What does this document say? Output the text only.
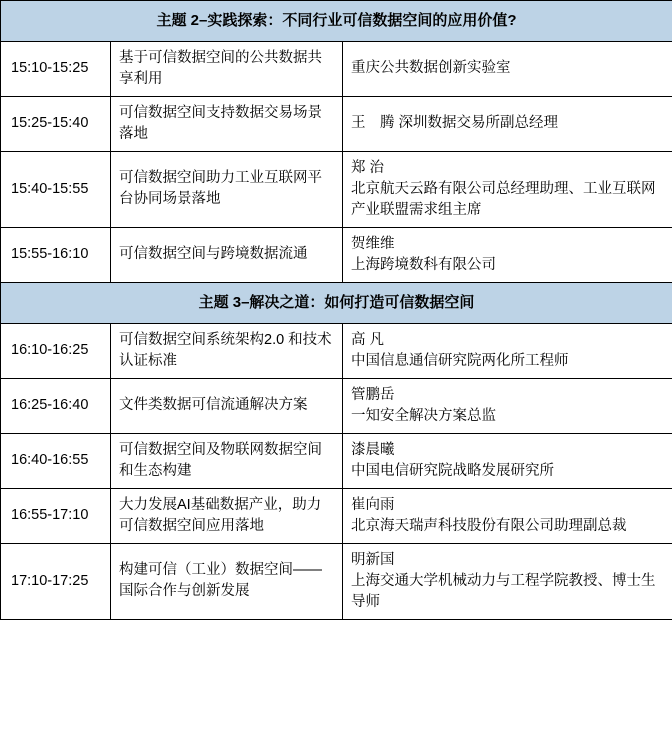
主题 2–实践探索：不同行业可信数据空间的应用价值?		
15:10-15:25	基于可信数据空间的公共数据共享利用	重庆公共数据创新实验室

15:25-15:40	可信数据空间支持数据交易场景落地	王　腾 深圳数据交易所副总经理

15:40-15:55	可信数据空间助力工业互联网平台协同场景落地	郑 治
北京航天云路有限公司总经理助理、工业互联网产业联盟需求组主席

15:55-16:10	可信数据空间与跨境数据流通	贺维维
上海跨境数科有限公司

主题 3–解决之道：如何打造可信数据空间		
16:10-16:25	可信数据空间系统架构2.0 和技术认证标准	高 凡
中国信息通信研究院两化所工程师

16:25-16:40	文件类数据可信流通解决方案	管鹏岳
一知安全解决方案总监

16:40-16:55	可信数据空间及物联网数据空间和生态构建	漆晨曦
中国电信研究院战略发展研究所

16:55-17:10	大力发展AI基础数据产业，助力可信数据空间应用落地	崔向雨
北京海天瑞声科技股份有限公司助理副总裁

17:10-17:25	构建可信（工业）数据空间——国际合作与创新发展	明新国
上海交通大学机械动力与工程学院教授、博士生导师
